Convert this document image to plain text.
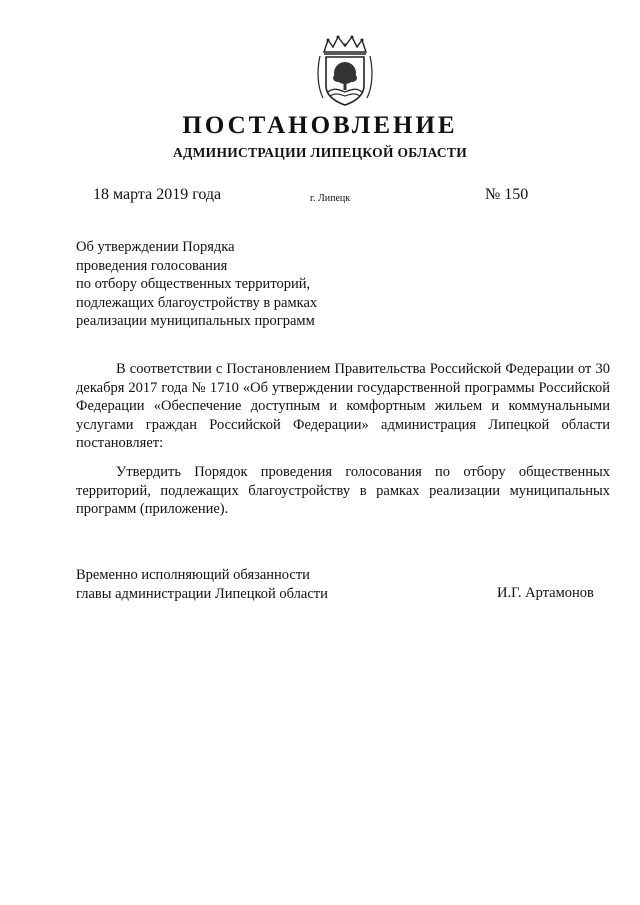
ПОСТАНОВЛЕНИЕ
АДМИНИСТРАЦИИ ЛИПЕЦКОЙ ОБЛАСТИ
18 марта 2019 года	г. Липецк	№ 150
Об утверждении Порядка
проведения голосования
по отбору общественных территорий,
подлежащих благоустройству в рамках
реализации муниципальных программ

В соответствии с Постановлением Правительства Российской Федерации от 30 декабря 2017 года № 1710 «Об утверждении государственной программы Российской Федерации «Обеспечение доступным и комфортным жильем и коммунальными услугами граждан Российской Федерации» администрация Липецкой области постановляет:

Утвердить Порядок проведения голосования по отбору общественных территорий, подлежащих благоустройству в рамках реализации муниципальных программ (приложение).

Временно исполняющий обязанности
главы администрации Липецкой области	И.Г. Артамонов
